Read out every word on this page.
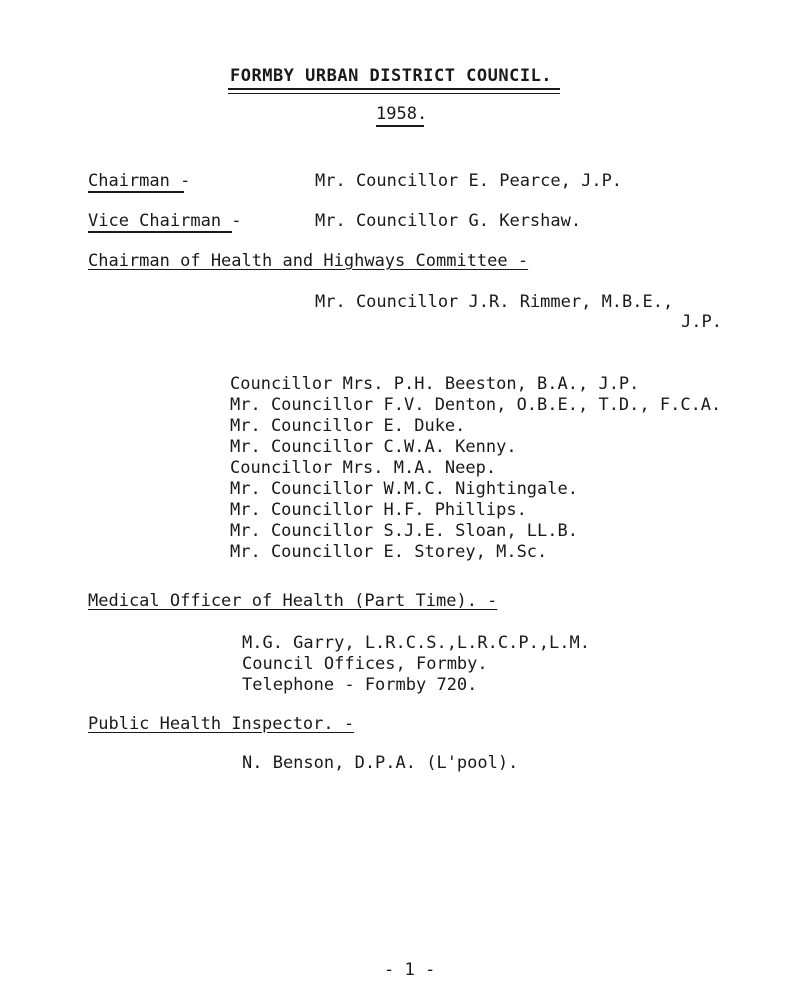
FORMBY URBAN DISTRICT COUNCIL.
1958.
Chairman -	Mr. Councillor E. Pearce, J.P.
Vice Chairman -	Mr. Councillor G. Kershaw.
Chairman of Health and Highways Committee -
Mr. Councillor J.R. Rimmer, M.B.E.,
J.P.
Councillor Mrs. P.H. Beeston, B.A., J.P.
Mr. Councillor F.V. Denton, O.B.E., T.D., F.C.A.
Mr. Councillor E. Duke.
Mr. Councillor C.W.A. Kenny.
Councillor Mrs. M.A. Neep.
Mr. Councillor W.M.C. Nightingale.
Mr. Councillor H.F. Phillips.
Mr. Councillor S.J.E. Sloan, LL.B.
Mr. Councillor E. Storey, M.Sc.
Medical Officer of Health (Part Time). -
M.G. Garry, L.R.C.S.,L.R.C.P.,L.M.
Council Offices, Formby.
Telephone - Formby 720.
Public Health Inspector. -
N. Benson, D.P.A. (L'pool).
- 1 -
